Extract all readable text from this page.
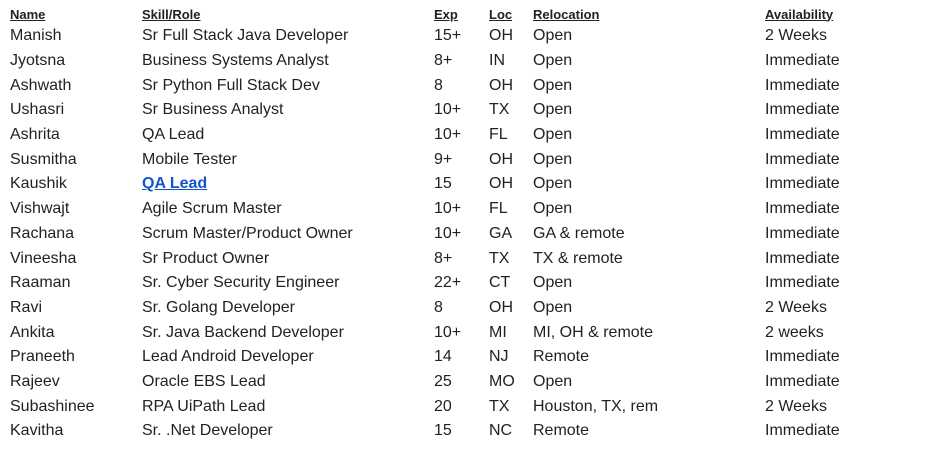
Name	Skill/Role	Exp	Loc	Relocation	Availability
Manish	Sr Full Stack Java Developer	15+	OH	Open	2 Weeks
Jyotsna	Business Systems Analyst	8+	IN	Open	Immediate
Ashwath	Sr Python Full Stack Dev	8	OH	Open	Immediate
Ushasri	Sr Business Analyst	10+	TX	Open	Immediate
Ashrita	QA Lead	10+	FL	Open	Immediate
Susmitha	Mobile Tester	9+	OH	Open	Immediate
Kaushik	QA Lead	15	OH	Open	Immediate
Vishwajt	Agile Scrum Master	10+	FL	Open	Immediate
Rachana	Scrum Master/Product Owner	10+	GA	GA & remote	Immediate
Vineesha	Sr Product Owner	8+	TX	TX & remote	Immediate
Raaman	Sr. Cyber Security Engineer	22+	CT	Open	Immediate
Ravi	Sr. Golang Developer	8	OH	Open	2 Weeks
Ankita	Sr. Java Backend Developer	10+	MI	MI, OH & remote	2 weeks
Praneeth	Lead Android Developer	14	NJ	Remote	Immediate
Rajeev	Oracle EBS Lead	25	MO	Open	Immediate
Subashinee	RPA UiPath Lead	20	TX	Houston, TX, rem	2 Weeks
Kavitha	Sr. .Net Developer	15	NC	Remote	Immediate
